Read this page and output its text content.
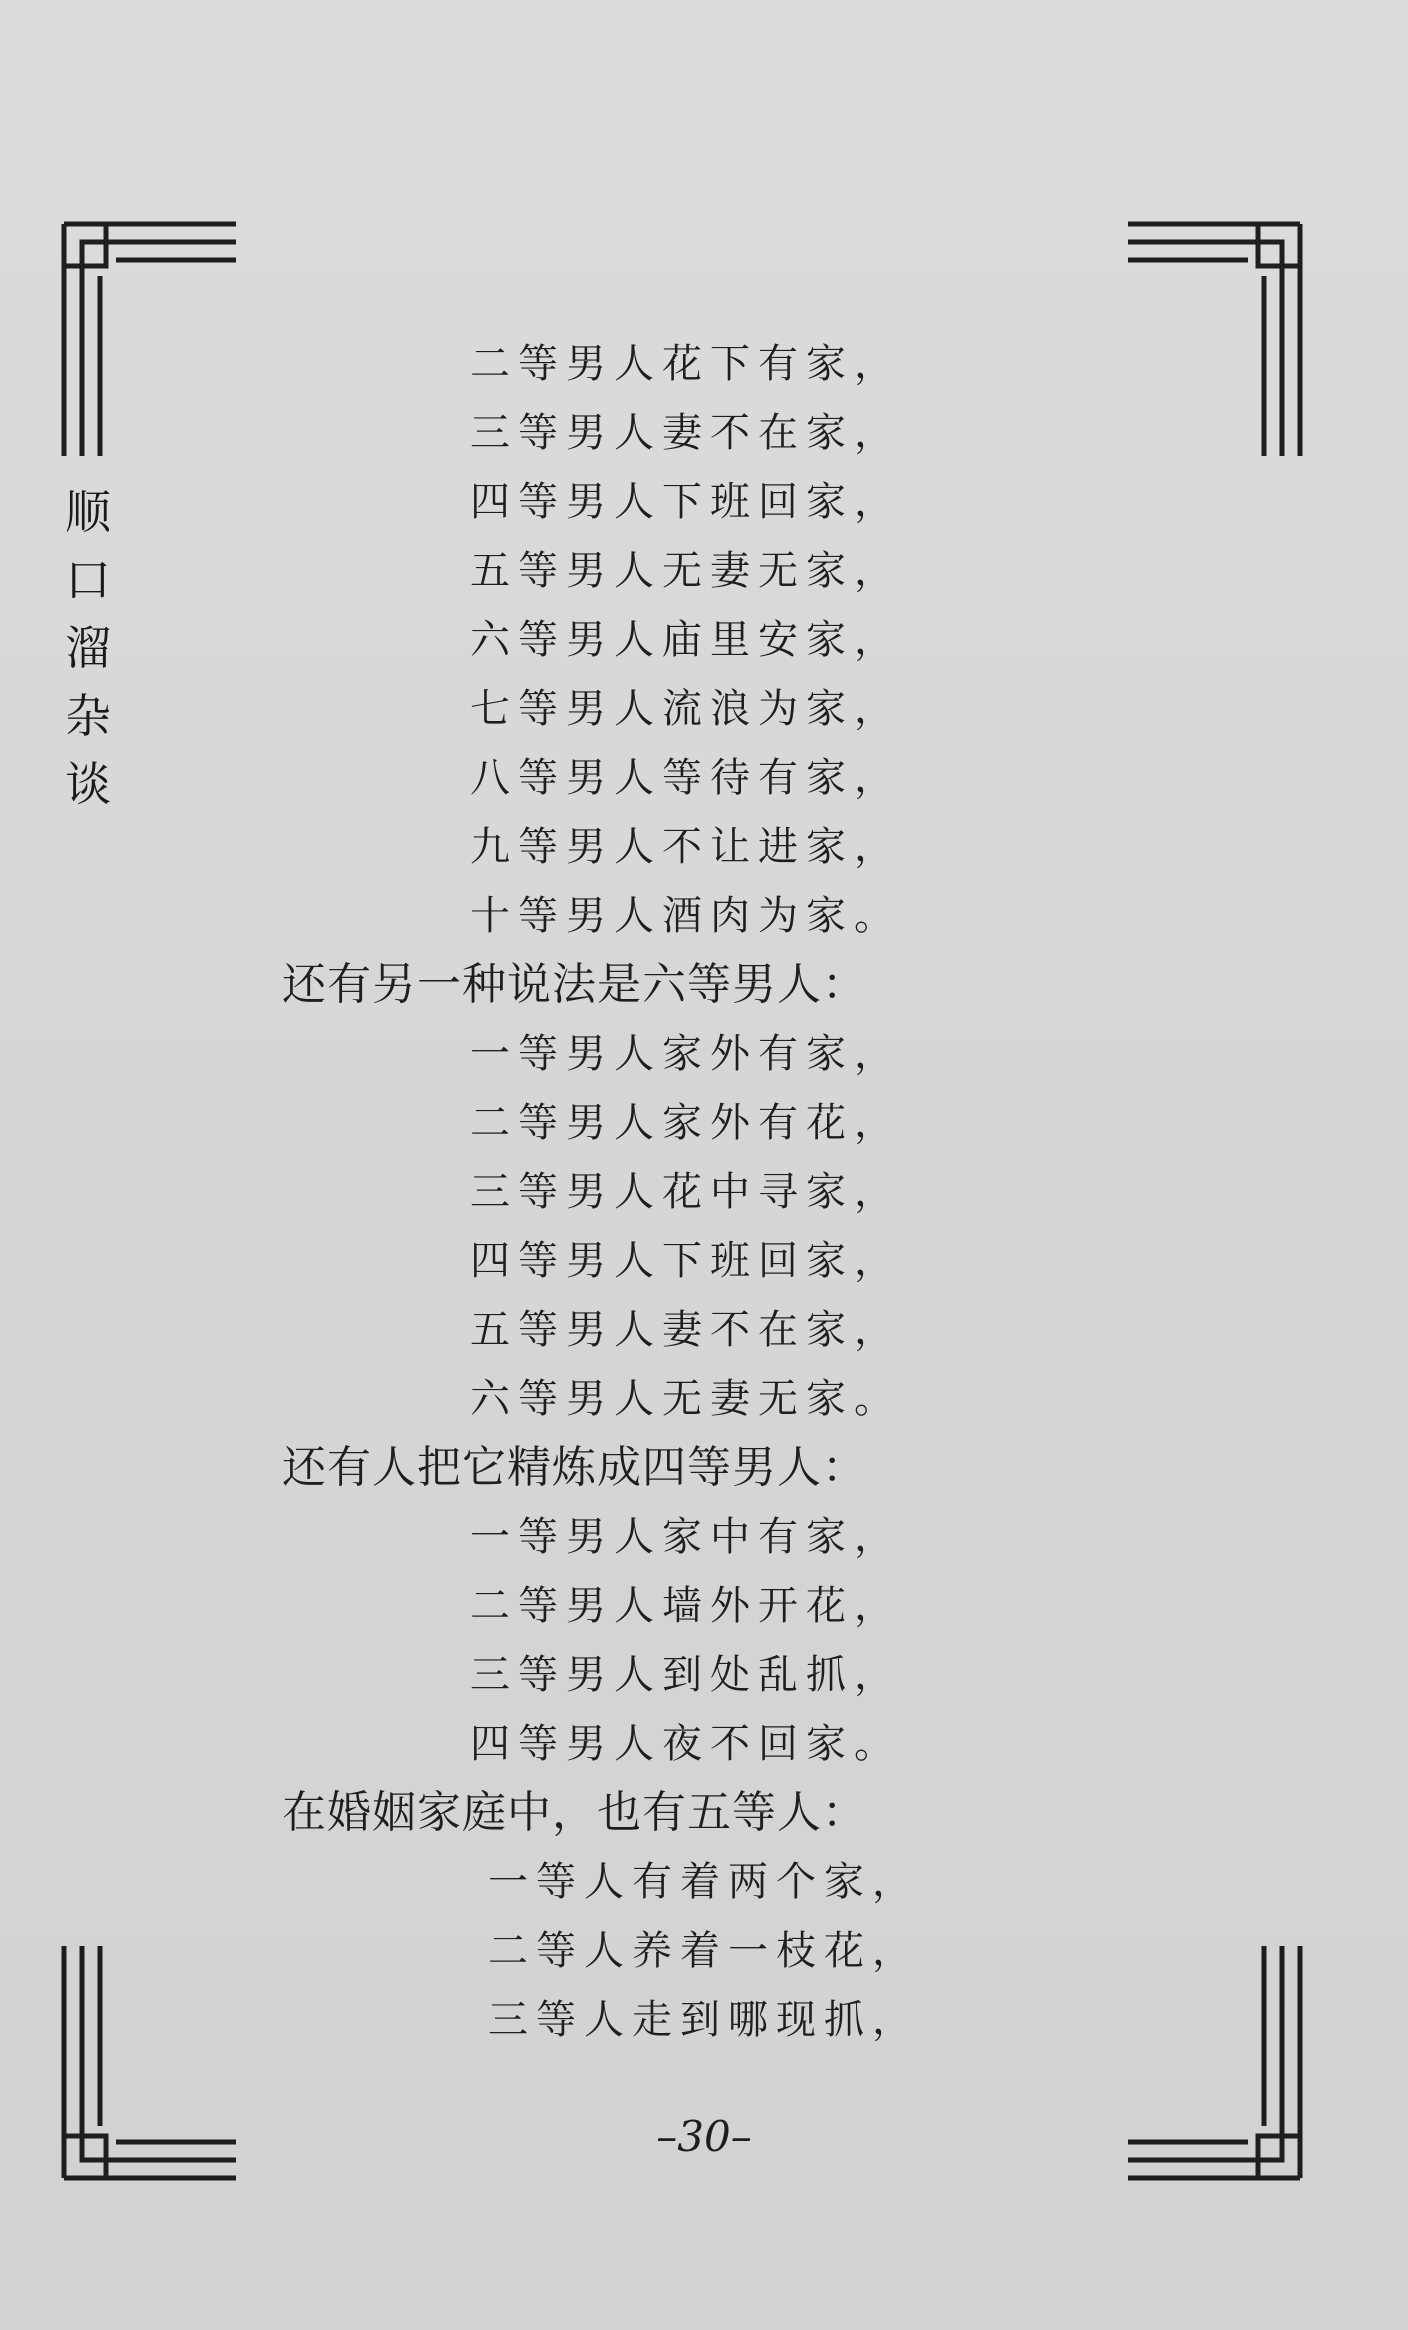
顺
口
溜
杂
谈
二等男人花下有家，
三等男人妻不在家，
四等男人下班回家，
五等男人无妻无家，
六等男人庙里安家，
七等男人流浪为家，
八等男人等待有家，
九等男人不让进家，
十等男人酒肉为家。
还有另一种说法是六等男人：
一等男人家外有家，
二等男人家外有花，
三等男人花中寻家，
四等男人下班回家，
五等男人妻不在家，
六等男人无妻无家。
还有人把它精炼成四等男人：
一等男人家中有家，
二等男人墙外开花，
三等男人到处乱抓，
四等男人夜不回家。
在婚姻家庭中，也有五等人：
一等人有着两个家，
二等人养着一枝花，
三等人走到哪现抓，
–30–
